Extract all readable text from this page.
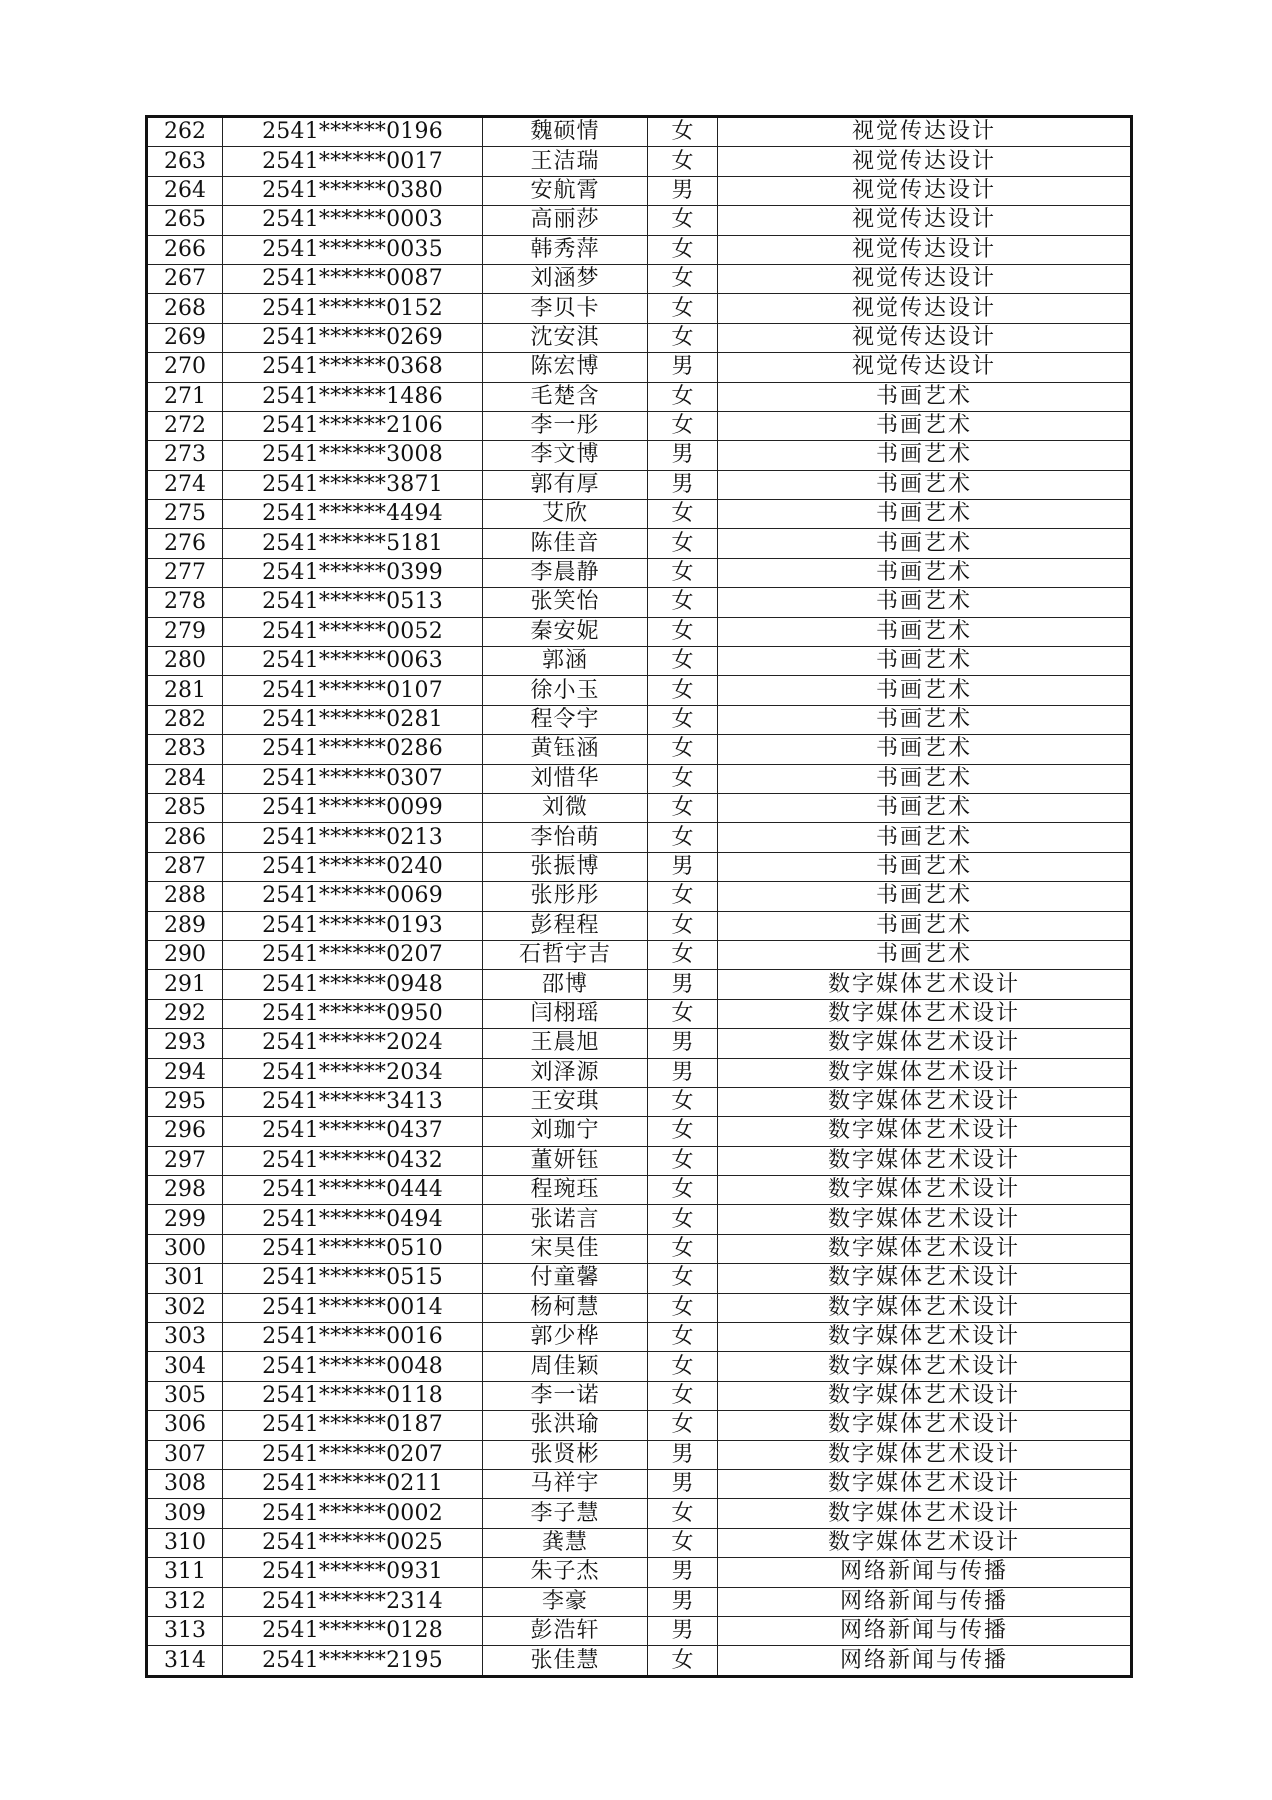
262	2541******0196	魏硕情	女	视觉传达设计
263	2541******0017	王洁瑞	女	视觉传达设计
264	2541******0380	安航霄	男	视觉传达设计
265	2541******0003	高丽莎	女	视觉传达设计
266	2541******0035	韩秀萍	女	视觉传达设计
267	2541******0087	刘涵梦	女	视觉传达设计
268	2541******0152	李贝卡	女	视觉传达设计
269	2541******0269	沈安淇	女	视觉传达设计
270	2541******0368	陈宏博	男	视觉传达设计
271	2541******1486	毛楚含	女	书画艺术
272	2541******2106	李一彤	女	书画艺术
273	2541******3008	李文博	男	书画艺术
274	2541******3871	郭有厚	男	书画艺术
275	2541******4494	艾欣	女	书画艺术
276	2541******5181	陈佳音	女	书画艺术
277	2541******0399	李晨静	女	书画艺术
278	2541******0513	张笑怡	女	书画艺术
279	2541******0052	秦安妮	女	书画艺术
280	2541******0063	郭涵	女	书画艺术
281	2541******0107	徐小玉	女	书画艺术
282	2541******0281	程令宇	女	书画艺术
283	2541******0286	黄钰涵	女	书画艺术
284	2541******0307	刘惜华	女	书画艺术
285	2541******0099	刘微	女	书画艺术
286	2541******0213	李怡萌	女	书画艺术
287	2541******0240	张振博	男	书画艺术
288	2541******0069	张彤彤	女	书画艺术
289	2541******0193	彭程程	女	书画艺术
290	2541******0207	石哲宇吉	女	书画艺术
291	2541******0948	邵博	男	数字媒体艺术设计
292	2541******0950	闫栩瑶	女	数字媒体艺术设计
293	2541******2024	王晨旭	男	数字媒体艺术设计
294	2541******2034	刘泽源	男	数字媒体艺术设计
295	2541******3413	王安琪	女	数字媒体艺术设计
296	2541******0437	刘珈宁	女	数字媒体艺术设计
297	2541******0432	董妍钰	女	数字媒体艺术设计
298	2541******0444	程琬珏	女	数字媒体艺术设计
299	2541******0494	张诺言	女	数字媒体艺术设计
300	2541******0510	宋昊佳	女	数字媒体艺术设计
301	2541******0515	付童馨	女	数字媒体艺术设计
302	2541******0014	杨柯慧	女	数字媒体艺术设计
303	2541******0016	郭少桦	女	数字媒体艺术设计
304	2541******0048	周佳颖	女	数字媒体艺术设计
305	2541******0118	李一诺	女	数字媒体艺术设计
306	2541******0187	张洪瑜	女	数字媒体艺术设计
307	2541******0207	张贤彬	男	数字媒体艺术设计
308	2541******0211	马祥宇	男	数字媒体艺术设计
309	2541******0002	李子慧	女	数字媒体艺术设计
310	2541******0025	龚慧	女	数字媒体艺术设计
311	2541******0931	朱子杰	男	网络新闻与传播
312	2541******2314	李豪	男	网络新闻与传播
313	2541******0128	彭浩轩	男	网络新闻与传播
314	2541******2195	张佳慧	女	网络新闻与传播
